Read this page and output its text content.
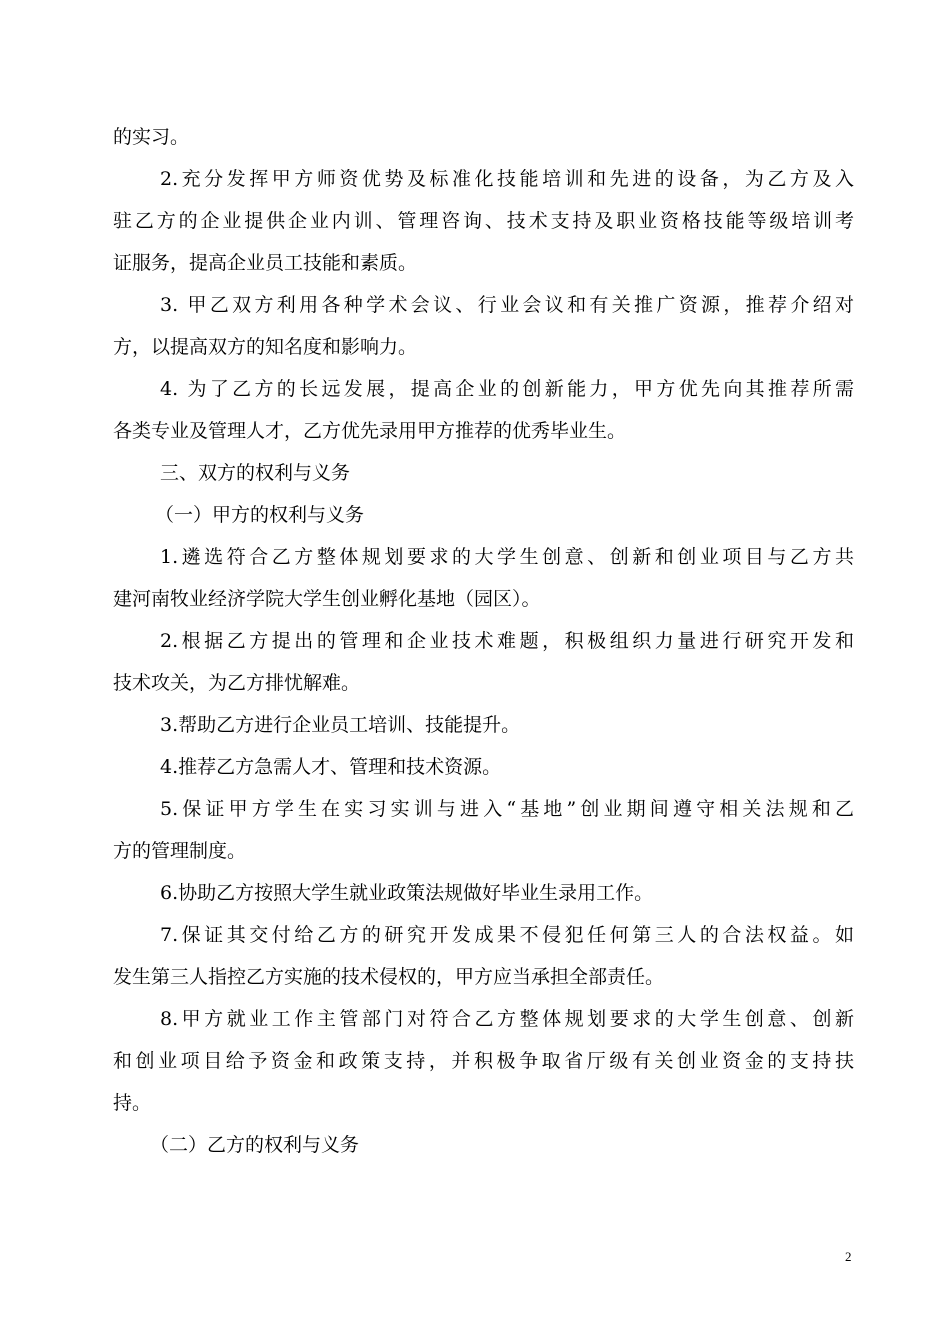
的实习。
2.充分发挥甲方师资优势及标准化技能培训和先进的设备，为乙方及入
驻乙方的企业提供企业内训、管理咨询、技术支持及职业资格技能等级培训考
证服务，提高企业员工技能和素质。
3. 甲乙双方利用各种学术会议、行业会议和有关推广资源，推荐介绍对
方，以提高双方的知名度和影响力。
4. 为了乙方的长远发展，提高企业的创新能力，甲方优先向其推荐所需
各类专业及管理人才，乙方优先录用甲方推荐的优秀毕业生。
三、双方的权利与义务
（一）甲方的权利与义务
1.遴选符合乙方整体规划要求的大学生创意、创新和创业项目与乙方共
建河南牧业经济学院大学生创业孵化基地（园区）。
2.根据乙方提出的管理和企业技术难题，积极组织力量进行研究开发和
技术攻关，为乙方排忧解难。
3.帮助乙方进行企业员工培训、技能提升。
4.推荐乙方急需人才、管理和技术资源。
5.保证甲方学生在实习实训与进入“基地”创业期间遵守相关法规和乙
方的管理制度。
6.协助乙方按照大学生就业政策法规做好毕业生录用工作。
7.保证其交付给乙方的研究开发成果不侵犯任何第三人的合法权益。如
发生第三人指控乙方实施的技术侵权的，甲方应当承担全部责任。
8.甲方就业工作主管部门对符合乙方整体规划要求的大学生创意、创新
和创业项目给予资金和政策支持，并积极争取省厅级有关创业资金的支持扶
持。
（二）乙方的权利与义务
2
